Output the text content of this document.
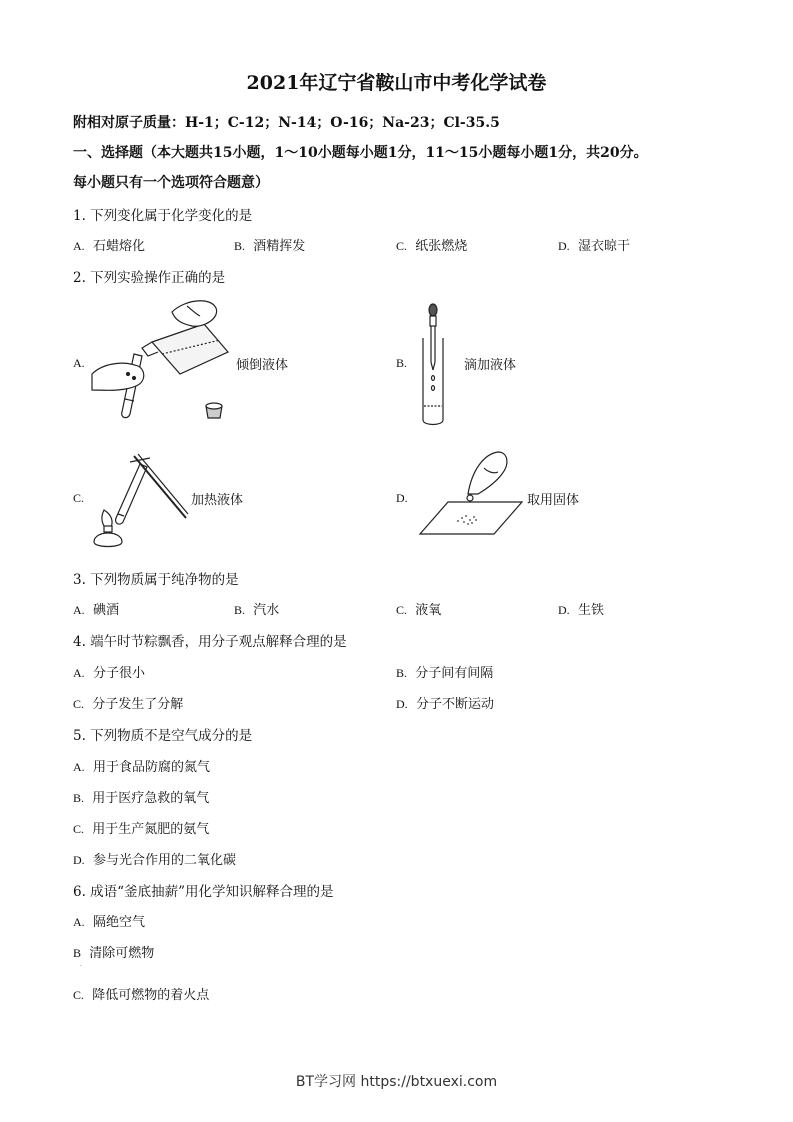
2021年辽宁省鞍山市中考化学试卷
附相对原子质量：H-1；C-12；N-14；O-16；Na-23；Cl-35.5
一、选择题（本大题共15小题，1～10小题每小题1分，11～15小题每小题1分，共20分。
每小题只有一个选项符合题意）
1. 下列变化属于化学变化的是
A. 石蜡熔化	B. 酒精挥发	C. 纸张燃烧	D. 湿衣晾干
2. 下列实验操作正确的是
A.	倾倒液体	B.	滴加液体
C.	加热液体	D.	取用固体
3. 下列物质属于纯净物的是
A. 碘酒	B. 汽水	C. 液氧	D. 生铁
4. 端午时节粽飘香，用分子观点解释合理的是
A. 分子很小	B. 分子间有间隔
C. 分子发生了分解	D. 分子不断运动
5. 下列物质不是空气成分的是
A. 用于食品防腐的氮气
B. 用于医疗急救的氧气
C. 用于生产氮肥的氨气
D. 参与光合作用的二氧化碳
6. 成语“釜底抽薪”用化学知识解释合理的是
A. 隔绝空气
B 清除可燃物
·
C. 降低可燃物的着火点
BT学习网 https://btxuexi.com
